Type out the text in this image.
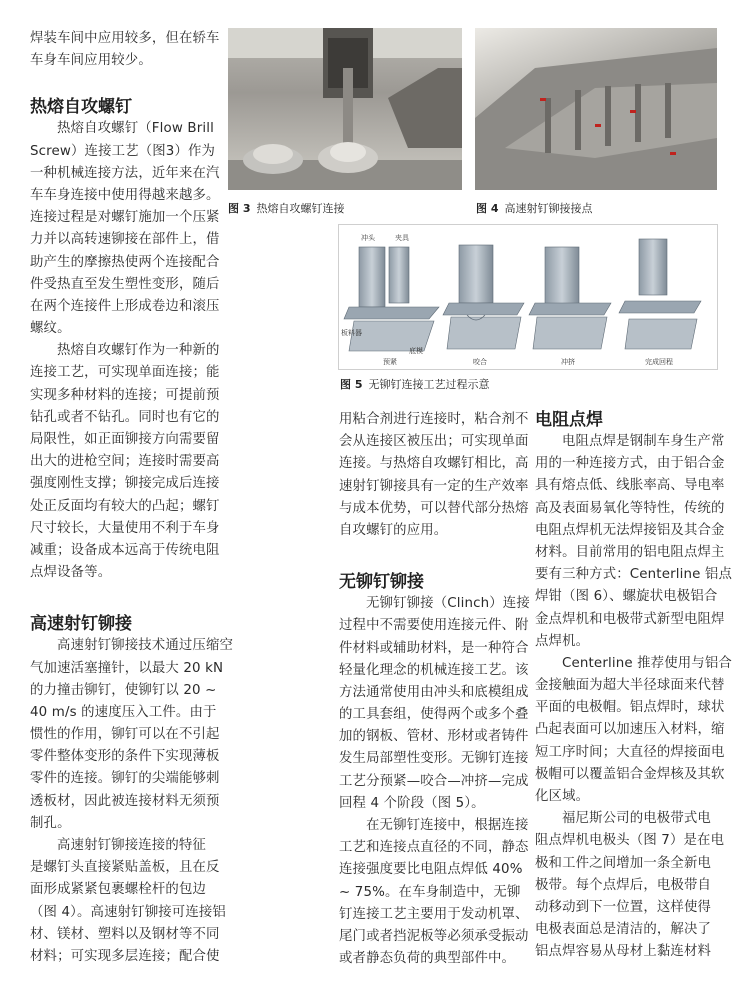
焊装车间中应用较多，但在轿车
车身车间应用较少。
热熔自攻螺钉
热熔自攻螺钉（Flow Brill
Screw）连接工艺（图3）作为
一种机械连接方法，近年来在汽
车车身连接中使用得越来越多。
连接过程是对螺钉施加一个压紧
力并以高转速铆接在部件上，借
助产生的摩擦热使两个连接配合
件受热直至发生塑性变形，随后
在两个连接件上形成卷边和滚压
螺纹。
热熔自攻螺钉作为一种新的
连接工艺，可实现单面连接；能
实现多种材料的连接；可提前预
钻孔或者不钻孔。同时也有它的
局限性，如正面铆接方向需要留
出大的进枪空间；连接时需要高
强度刚性支撑；铆接完成后连接
处正反面均有较大的凸起；螺钉
尺寸较长，大量使用不利于车身
减重；设备成本远高于传统电阻
点焊设备等。
高速射钉铆接
高速射钉铆接技术通过压缩空
气加速活塞撞针，以最大 20 kN
的力撞击铆钉，使铆钉以 20 ~
40 m/s 的速度压入工件。由于
惯性的作用，铆钉可以在不引起
零件整体变形的条件下实现薄板
零件的连接。铆钉的尖端能够刺
透板材，因此被连接材料无须预
制孔。
高速射钉铆接连接的特征
是螺钉头直接紧贴盖板，且在反
面形成紧紧包裹螺栓杆的包边
（图 4）。高速射钉铆接可连接铝
材、镁材、塑料以及钢材等不同
材料；可实现多层连接；配合使
图 3 热熔自攻螺钉连接	图 4 高速射钉铆接接点
冲头	夹具
板料器
底模
预紧	咬合	冲挤	完成回程
图 5 无铆钉连接工艺过程示意
用粘合剂进行连接时，粘合剂不
会从连接区被压出；可实现单面
连接。与热熔自攻螺钉相比，高
速射钉铆接具有一定的生产效率
与成本优势，可以替代部分热熔
自攻螺钉的应用。
无铆钉铆接
无铆钉铆接（Clinch）连接
过程中不需要使用连接元件、附
件材料或辅助材料，是一种符合
轻量化理念的机械连接工艺。该
方法通常使用由冲头和底模组成
的工具套组，使得两个或多个叠
加的钢板、管材、形材或者铸件
发生局部塑性变形。无铆钉连接
工艺分预紧—咬合—冲挤—完成
回程 4 个阶段（图 5）。
在无铆钉连接中，根据连接
工艺和连接点直径的不同，静态
连接强度要比电阻点焊低 40%
~ 75%。在车身制造中，无铆
钉连接工艺主要用于发动机罩、
尾门或者挡泥板等必须承受振动
或者静态负荷的典型部件中。
电阻点焊
电阻点焊是钢制车身生产常
用的一种连接方式，由于铝合金
具有熔点低、线胀率高、导电率
高及表面易氧化等特性，传统的
电阻点焊机无法焊接铝及其合金
材料。目前常用的铝电阻点焊主
要有三种方式：Centerline 铝点
焊钳（图 6）、螺旋状电极铝合
金点焊机和电极带式新型电阻焊
点焊机。
Centerline 推荐使用与铝合
金接触面为超大半径球面来代替
平面的电极帽。铝点焊时，球状
凸起表面可以加速压入材料，缩
短工序时间；大直径的焊接面电
极帽可以覆盖铝合金焊核及其软
化区域。
福尼斯公司的电极带式电
阻点焊机电极头（图 7）是在电
极和工件之间增加一条全新电
极带。每个点焊后，电极带自
动移动到下一位置，这样使得
电极表面总是清洁的，解决了
铝点焊容易从母材上黏连材料
